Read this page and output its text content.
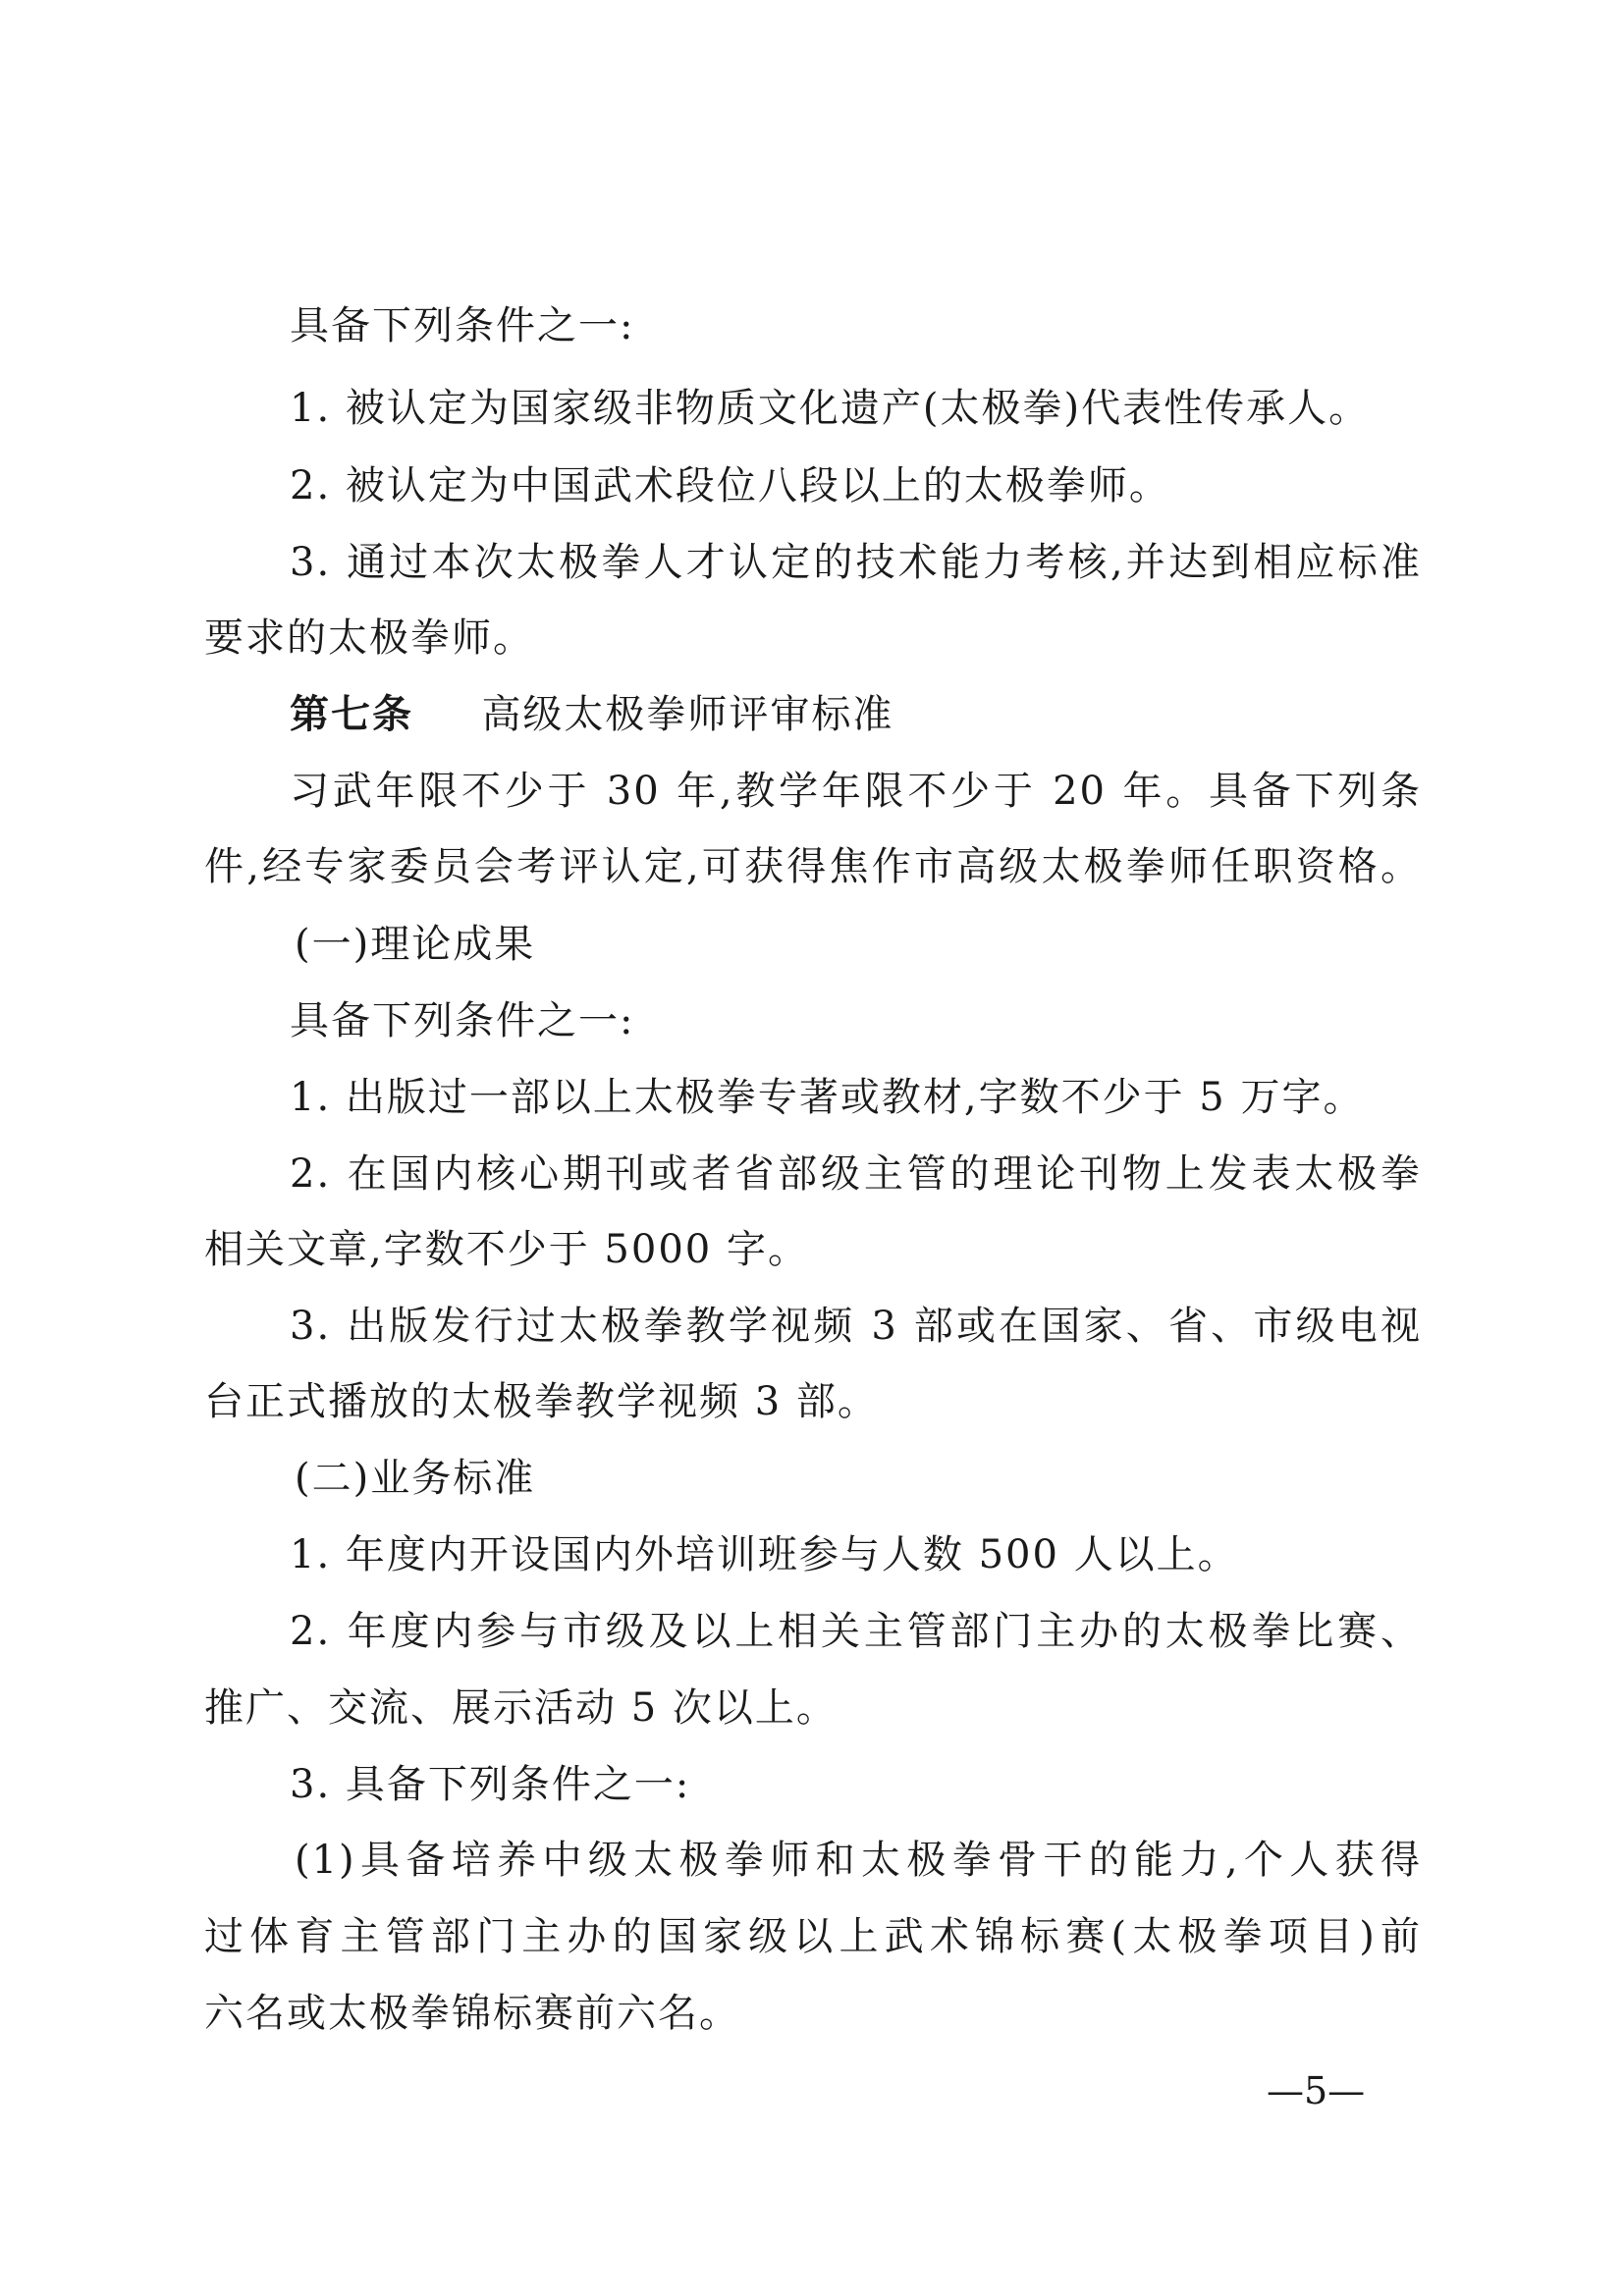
具备下列条件之一:
1. 被认定为国家级非物质文化遗产(太极拳)代表性传承人。
2. 被认定为中国武术段位八段以上的太极拳师。
3. 通过本次太极拳人才认定的技术能力考核,并达到相应标准
要求的太极拳师。
第七条 高级太极拳师评审标准
习武年限不少于 30 年,教学年限不少于 20 年。具备下列条
件,经专家委员会考评认定,可获得焦作市高级太极拳师任职资格。
(一)理论成果
具备下列条件之一:
1. 出版过一部以上太极拳专著或教材,字数不少于 5 万字。
2. 在国内核心期刊或者省部级主管的理论刊物上发表太极拳
相关文章,字数不少于 5000 字。
3. 出版发行过太极拳教学视频 3 部或在国家、省、市级电视
台正式播放的太极拳教学视频 3 部。
(二)业务标准
1. 年度内开设国内外培训班参与人数 500 人以上。
2. 年度内参与市级及以上相关主管部门主办的太极拳比赛、
推广、交流、展示活动 5 次以上。
3. 具备下列条件之一:
(1)具备培养中级太极拳师和太极拳骨干的能力,个人获得
过体育主管部门主办的国家级以上武术锦标赛(太极拳项目)前
六名或太极拳锦标赛前六名。
—5—
